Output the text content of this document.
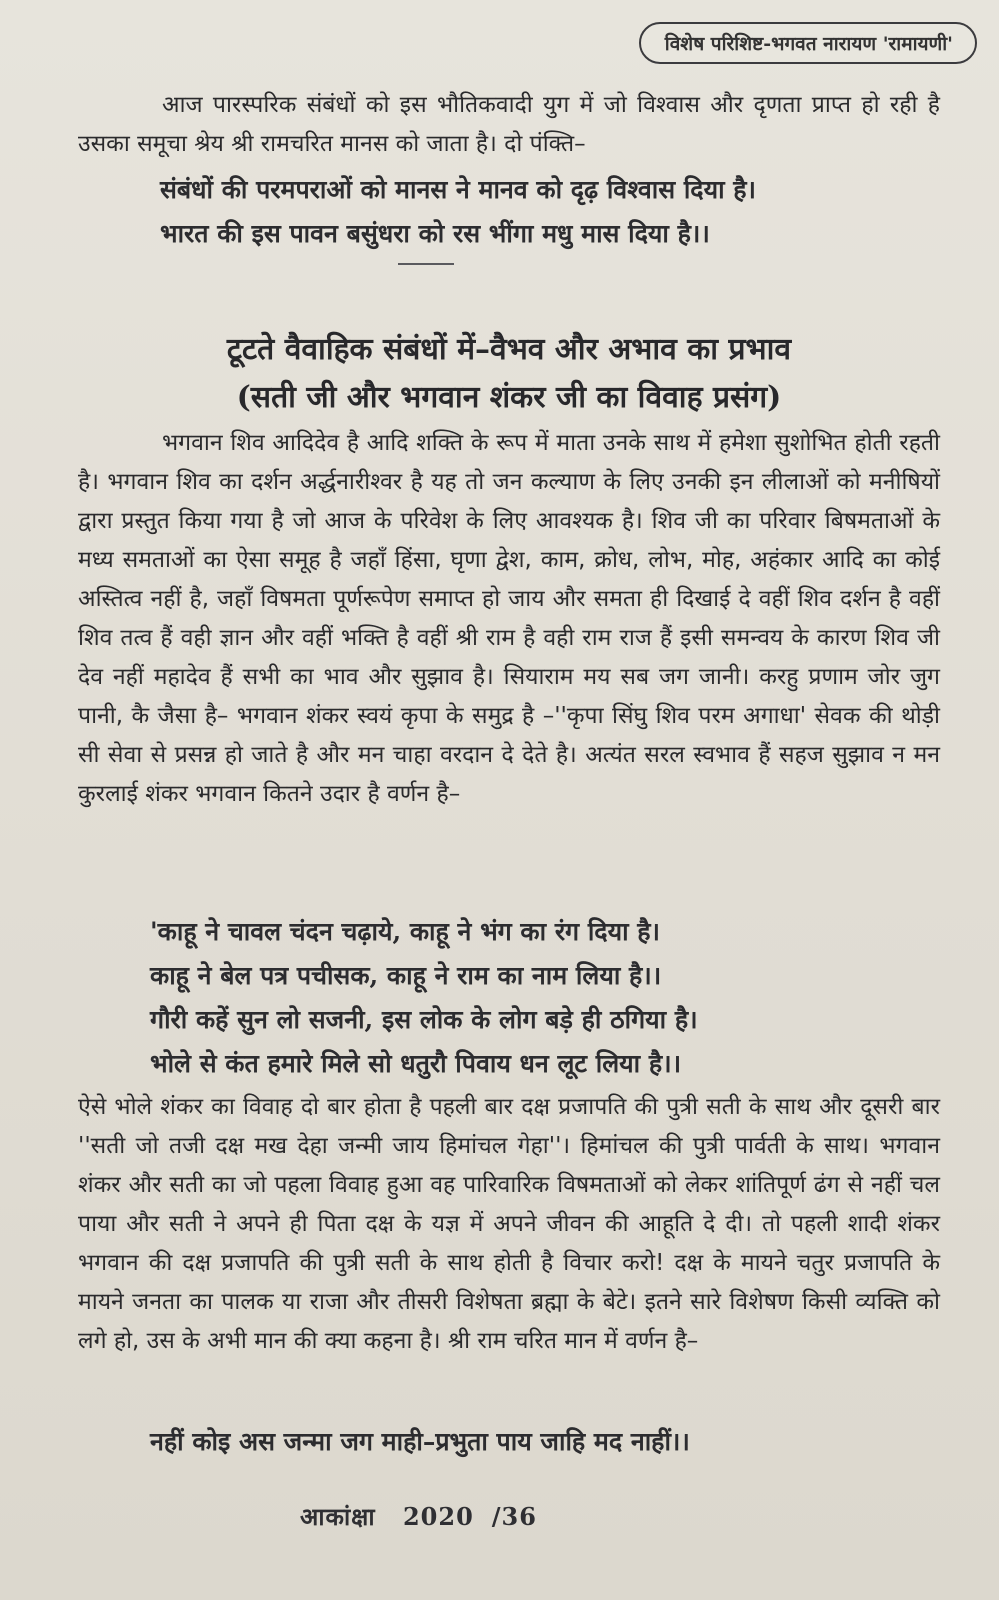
विशेष परिशिष्ट-भगवत नारायण 'रामायणी'
आज पारस्परिक संबंधों को इस भौतिकवादी युग में जो विश्वास और दृणता प्राप्त हो रही है उसका समूचा श्रेय श्री रामचरित मानस को जाता है। दो पंक्ति–
संबंधों की परमपराओं को मानस ने मानव को दृढ़ विश्वास दिया है।
भारत की इस पावन बसुंधरा को रस भींगा मधु मास दिया है।।
टूटते वैवाहिक संबंधों में–वैभव और अभाव का प्रभाव
(सती जी और भगवान शंकर जी का विवाह प्रसंग)
भगवान शिव आदिदेव है आदि शक्ति के रूप में माता उनके साथ में हमेशा सुशोभित होती रहती है। भगवान शिव का दर्शन अर्द्धनारीश्वर है यह तो जन कल्याण के लिए उनकी इन लीलाओं को मनीषियों द्वारा प्रस्तुत किया गया है जो आज के परिवेश के लिए आवश्यक है। शिव जी का परिवार बिषमताओं के मध्य समताओं का ऐसा समूह है जहाँ हिंसा, घृणा द्वेश, काम, क्रोध, लोभ, मोह, अहंकार आदि का कोई अस्तित्व नहीं है, जहाँ विषमता पूर्णरूपेण समाप्त हो जाय और समता ही दिखाई दे वहीं शिव दर्शन है वहीं शिव तत्व हैं वही ज्ञान और वहीं भक्ति है वहीं श्री राम है वही राम राज हैं इसी समन्वय के कारण शिव जी देव नहीं महादेव हैं सभी का भाव और सुझाव है। सियाराम मय सब जग जानी। करहु प्रणाम जोर जुग पानी, कै जैसा है– भगवान शंकर स्वयं कृपा के समुद्र है –''कृपा सिंघु शिव परम अगाधा' सेवक की थोड़ी सी सेवा से प्रसन्न हो जाते है और मन चाहा वरदान दे देते है। अत्यंत सरल स्वभाव हैं सहज सुझाव न मन कुरलाई शंकर भगवान कितने उदार है वर्णन है–
'काहू ने चावल चंदन चढ़ाये, काहू ने भंग का रंग दिया है।
काहू ने बेल पत्र पचीसक, काहू ने राम का नाम लिया है।।
गौरी कहें सुन लो सजनी, इस लोक के लोग बड़े ही ठगिया है।
भोले से कंत हमारे मिले सो धतुरौ पिवाय धन लूट लिया है।।
ऐसे भोले शंकर का विवाह दो बार होता है पहली बार दक्ष प्रजापति की पुत्री सती के साथ और दूसरी बार ''सती जो तजी दक्ष मख देहा जन्मी जाय हिमांचल गेहा''। हिमांचल की पुत्री पार्वती के साथ। भगवान शंकर और सती का जो पहला विवाह हुआ वह पारिवारिक विषमताओं को लेकर शांतिपूर्ण ढंग से नहीं चल पाया और सती ने अपने ही पिता दक्ष के यज्ञ में अपने जीवन की आहूति दे दी। तो पहली शादी शंकर भगवान की दक्ष प्रजापति की पुत्री सती के साथ होती है विचार करो! दक्ष के मायने चतुर प्रजापति के मायने जनता का पालक या राजा और तीसरी विशेषता ब्रह्मा के बेटे। इतने सारे विशेषण किसी व्यक्ति को लगे हो, उस के अभी मान की क्या कहना है। श्री राम चरित मान में वर्णन है–
नहीं कोइ अस जन्मा जग माही–प्रभुता पाय जाहि मद नाहीं।।
आकांक्षा 2020 /36
